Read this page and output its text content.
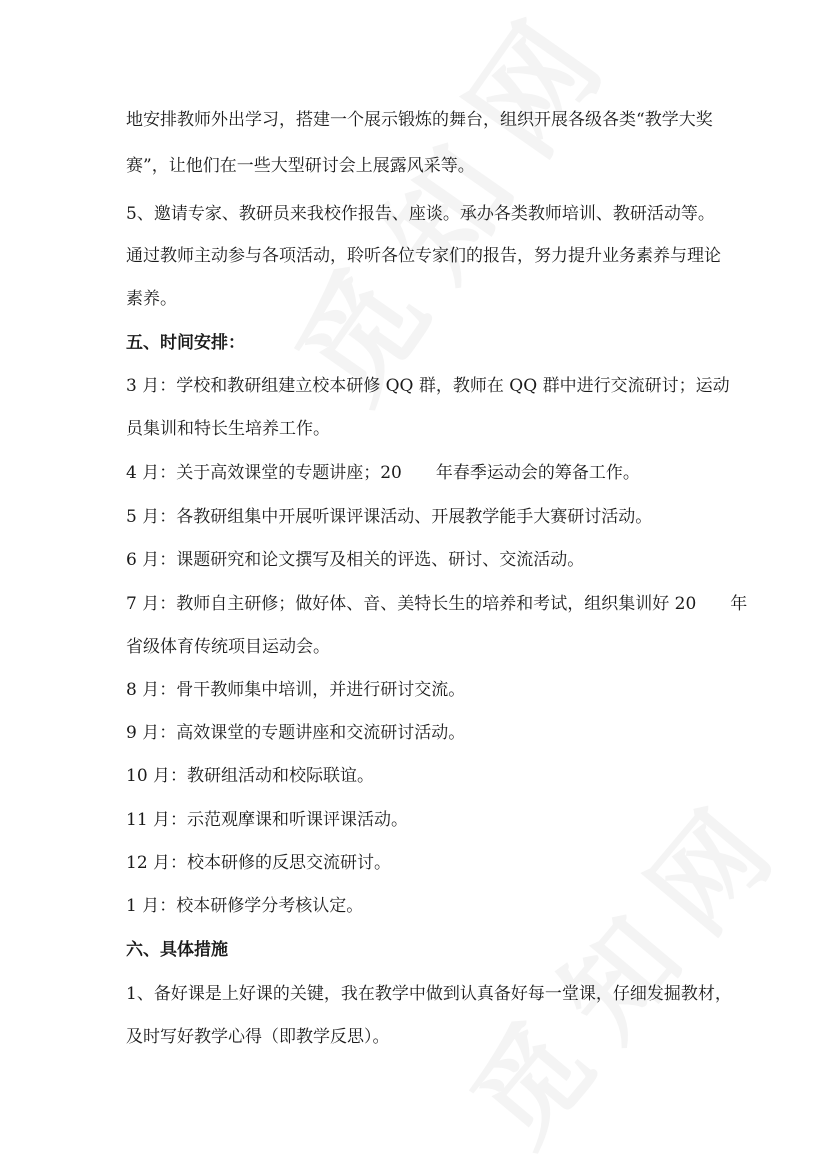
地安排教师外出学习，搭建一个展示锻炼的舞台，组织开展各级各类“教学大奖

赛”，让他们在一些大型研讨会上展露风采等。

5、邀请专家、教研员来我校作报告、座谈。承办各类教师培训、教研活动等。

通过教师主动参与各项活动，聆听各位专家们的报告，努力提升业务素养与理论

素养。

五、时间安排：

3 月：学校和教研组建立校本研修 QQ 群，教师在 QQ 群中进行交流研讨；运动

员集训和特长生培养工作。

4 月：关于高效课堂的专题讲座；20　　年春季运动会的筹备工作。

5 月：各教研组集中开展听课评课活动、开展教学能手大赛研讨活动。

6 月：课题研究和论文撰写及相关的评选、研讨、交流活动。

7 月：教师自主研修；做好体、音、美特长生的培养和考试，组织集训好 20　　年

省级体育传统项目运动会。

8 月：骨干教师集中培训，并进行研讨交流。

9 月：高效课堂的专题讲座和交流研讨活动。

10 月：教研组活动和校际联谊。

11 月：示范观摩课和听课评课活动。

12 月：校本研修的反思交流研讨。

1 月：校本研修学分考核认定。

六、具体措施

1、备好课是上好课的关键，我在教学中做到认真备好每一堂课，仔细发掘教材，

及时写好教学心得（即教学反思）。
